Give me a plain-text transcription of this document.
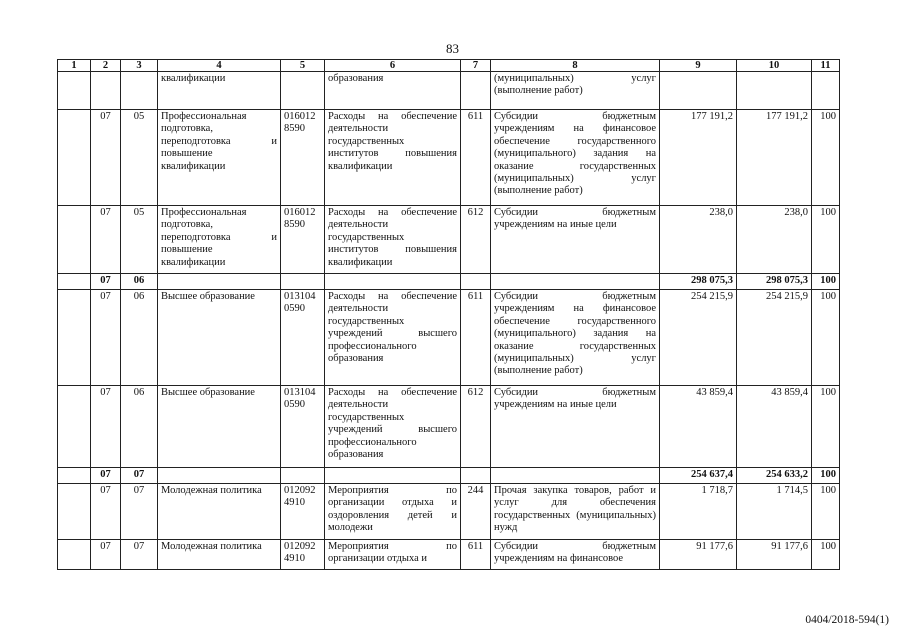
83
1	2	3	4	5	6	7	8	9	10	11
			квалификации		образования		(муниципальных) услуг (выполнение работ)			
	07	05	Профессиональная подготовка, переподготовка и повышение квалификации	016012 8590	Расходы на обеспечение деятельности государственных институтов повышения квалификации	611	Субсидии бюджетным учреждениям на финансовое обеспечение государственного (муниципального) задания на оказание государственных (муниципальных) услуг (выполнение работ)	177 191,2	177 191,2	100
	07	05	Профессиональная подготовка, переподготовка и повышение квалификации	016012 8590	Расходы на обеспечение деятельности государственных институтов повышения квалификации	612	Субсидии бюджетным учреждениям на иные цели	238,0	238,0	100
	07	06						298 075,3	298 075,3	100
	07	06	Высшее образование	013104 0590	Расходы на обеспечение деятельности государственных учреждений высшего профессионального образования	611	Субсидии бюджетным учреждениям на финансовое обеспечение государственного (муниципального) задания на оказание государственных (муниципальных) услуг (выполнение работ)	254 215,9	254 215,9	100
	07	06	Высшее образование	013104 0590	Расходы на обеспечение деятельности государственных учреждений высшего профессионального образования	612	Субсидии бюджетным учреждениям на иные цели	43 859,4	43 859,4	100
	07	07						254 637,4	254 633,2	100
	07	07	Молодежная политика	012092 4910	Мероприятия по организации отдыха и оздоровления детей и молодежи	244	Прочая закупка товаров, работ и услуг для обеспечения государственных (муниципальных) нужд	1 718,7	1 714,5	100
	07	07	Молодежная политика	012092 4910	Мероприятия по организации отдыха и	611	Субсидии бюджетным учреждениям на финансовое	91 177,6	91 177,6	100
0404/2018-594(1)
